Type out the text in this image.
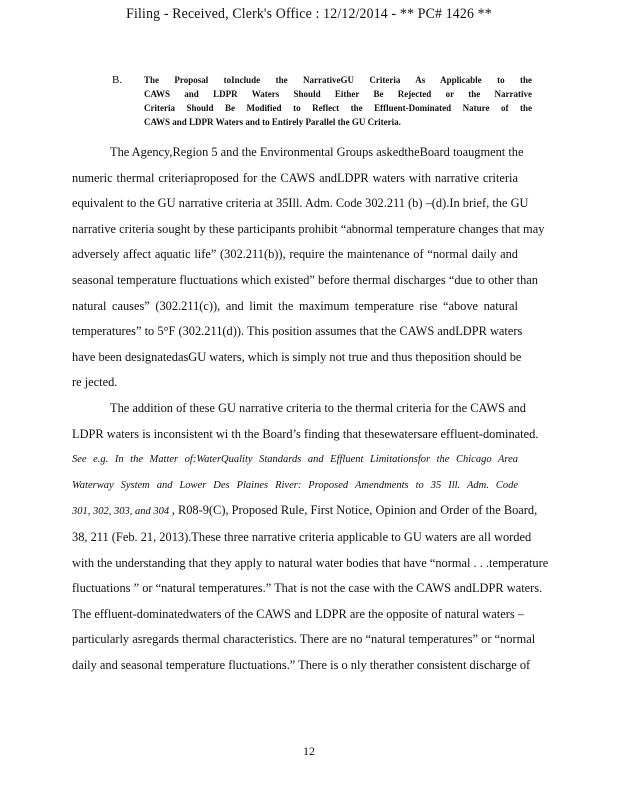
Filing - Received, Clerk's Office : 12/12/2014 - ** PC# 1426 **
B. The Proposal toInclude the NarrativeGU Criteria As Applicable to the
CAWS and LDPR Waters Should Either Be Rejected or the Narrative
Criteria Should Be Modified to Reflect the Effluent-Dominated Nature of the
CAWS and LDPR Waters and to Entirely Parallel the GU Criteria.
The Agency,Region 5 and the Environmental Groups askedtheBoard toaugment the
numeric thermal criteriaproposed for the CAWS andLDPR waters with narrative criteria
equivalent to the GU narrative criteria at 35Ill. Adm. Code 302.211 (b) –(d).In brief, the GU
narrative criteria sought by these participants prohibit “abnormal temperature changes that may
adversely affect aquatic life” (302.211(b)), require the maintenance of “normal daily and
seasonal temperature fluctuations which existed” before thermal discharges “due to other than
natural causes” (302.211(c)), and limit the maximum temperature rise “above natural
temperatures” to 5°F (302.211(d)). This position assumes that the CAWS andLDPR waters
have been designatedasGU waters, which is simply not true and thus theposition should be
re jected.
The addition of these GU narrative criteria to the thermal criteria for the CAWS and
LDPR waters is inconsistent wi th the Board’s finding that thesewatersare effluent-dominated.
See e.g. In the Matter of:WaterQuality Standards and Effluent Limitationsfor the Chicago Area
Waterway System and Lower Des Plaines River: Proposed Amendments to 35 Ill. Adm. Code
301, 302, 303, and 304 , R08-9(C), Proposed Rule, First Notice, Opinion and Order of the Board,
38, 211 (Feb. 21, 2013).These three narrative criteria applicable to GU waters are all worded
with the understanding that they apply to natural water bodies that have “normal . . .temperature
fluctuations ” or “natural temperatures.” That is not the case with the CAWS andLDPR waters.
The effluent-dominatedwaters of the CAWS and LDPR are the opposite of natural waters –
particularly asregards thermal characteristics. There are no “natural temperatures” or “normal
daily and seasonal temperature fluctuations.” There is o nly therather consistent discharge of
12
